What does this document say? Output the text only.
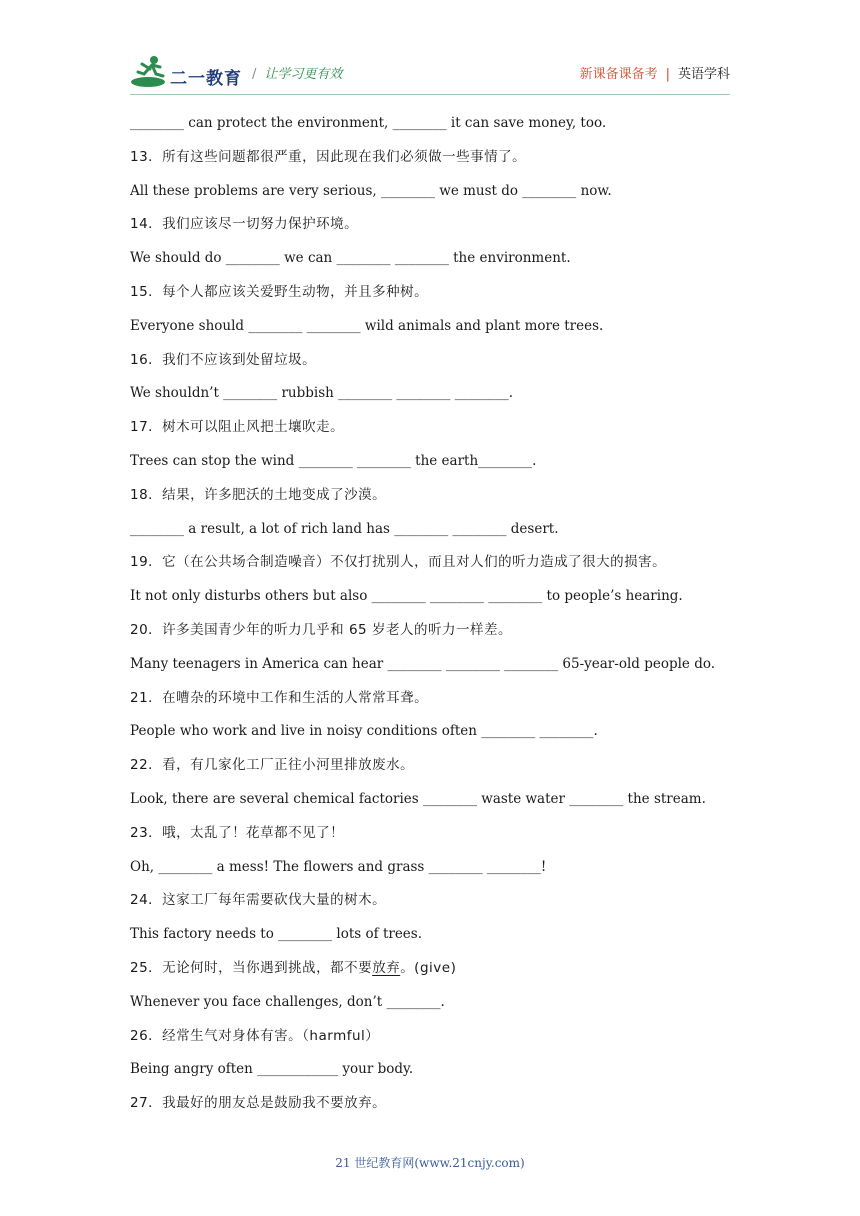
二一教育 / 让学习更有效	新课备课备考 | 英语学科
________ can protect the environment, ________ it can save money, too.
13．所有这些问题都很严重，因此现在我们必须做一些事情了。
All these problems are very serious, ________ we must do ________ now.
14．我们应该尽一切努力保护环境。
We should do ________ we can ________ ________ the environment.
15．每个人都应该关爱野生动物，并且多种树。
Everyone should ________ ________ wild animals and plant more trees.
16．我们不应该到处留垃圾。
We shouldn’t ________ rubbish ________ ________ ________.
17．树木可以阻止风把土壤吹走。
Trees can stop the wind ________ ________ the earth________.
18．结果，许多肥沃的土地变成了沙漠。
________ a result, a lot of rich land has ________ ________ desert.
19．它（在公共场合制造噪音）不仅打扰别人，而且对人们的听力造成了很大的损害。
It not only disturbs others but also ________ ________ ________ to people’s hearing.
20．许多美国青少年的听力几乎和 65 岁老人的听力一样差。
Many teenagers in America can hear ________ ________ ________ 65-year-old people do.
21．在嘈杂的环境中工作和生活的人常常耳聋。
People who work and live in noisy conditions often ________ ________.
22．看，有几家化工厂正往小河里排放废水。
Look, there are several chemical factories ________ waste water ________ the stream.
23．哦，太乱了！花草都不见了！
Oh, ________ a mess! The flowers and grass ________ ________!
24．这家工厂每年需要砍伐大量的树木。
This factory needs to ________ lots of trees.
25．无论何时，当你遇到挑战，都不要放弃。(give)
Whenever you face challenges, don’t ________.
26．经常生气对身体有害。（harmful）
Being angry often ____________ your body.
27．我最好的朋友总是鼓励我不要放弃。
21 世纪教育网(www.21cnjy.com)
